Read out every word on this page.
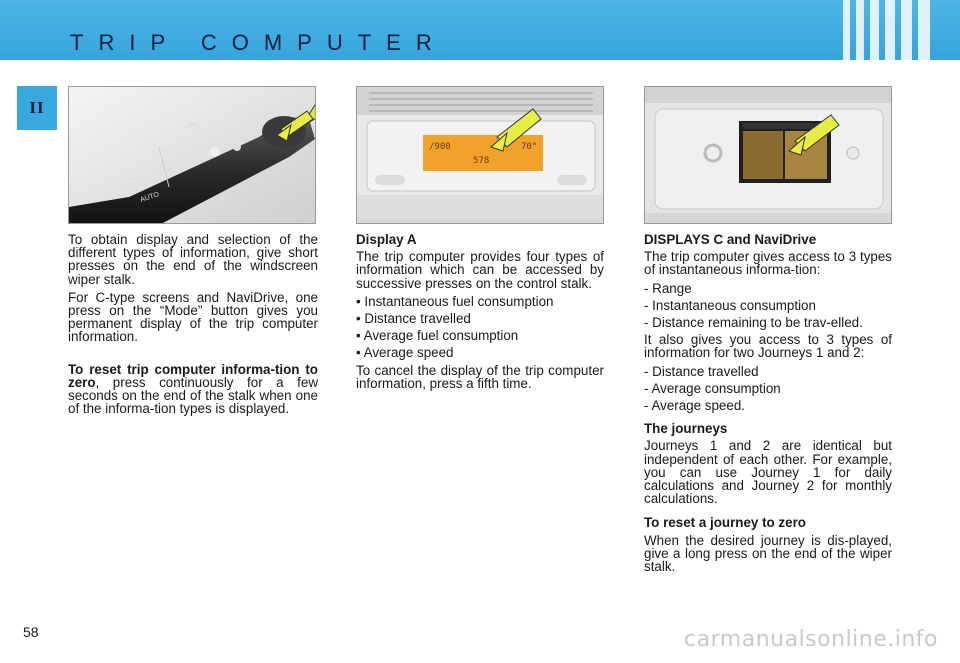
TRIP COMPUTER
II
AUTO
/900	70°
578

To obtain display and selection of the different types of information, give short presses on the end of the windscreen wiper stalk.

For C-type screens and NaviDrive, one press on the “Mode” button gives you permanent display of the trip computer information.

To reset trip computer informa-tion to zero, press continuously for a few seconds on the end of the stalk when one of the informa-tion types is displayed.

Display A

The trip computer provides four types of information which can be accessed by successive presses on the control stalk.

• Instantaneous fuel consumption

• Distance travelled

• Average fuel consumption

• Average speed

To cancel the display of the trip computer information, press a fifth time.

DISPLAYS C and NaviDrive

The trip computer gives access to 3 types of instantaneous informa-tion:

- Range

- Instantaneous consumption

- Distance remaining to be trav-elled.

It also gives you access to 3 types of information for two Journeys 1 and 2:

- Distance travelled

- Average consumption

- Average speed.

The journeys

Journeys 1 and 2 are identical but independent of each other. For example, you can use Journey 1 for daily calculations and Journey 2 for monthly calculations.

To reset a journey to zero

When the desired journey is dis-played, give a long press on the end of the wiper stalk.

58	carmanualsonline.info
